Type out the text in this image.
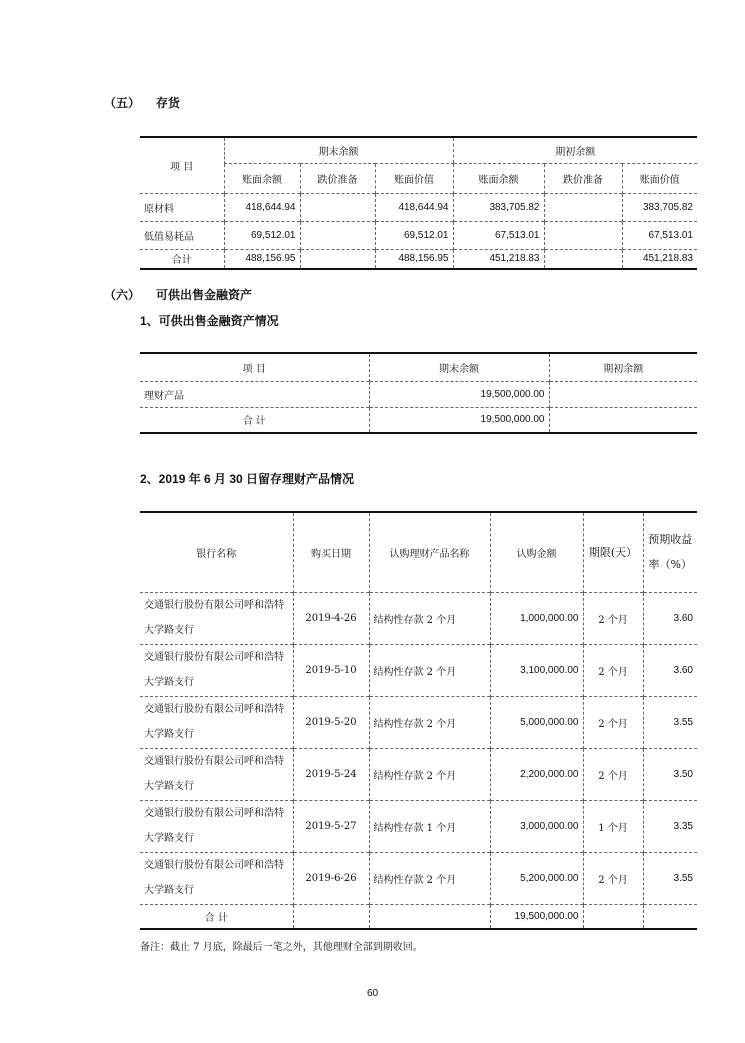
（五） 存货
项 目	期末余额			期初余额		
	账面余额	跌价准备	账面价值	账面余额	跌价准备	账面价值
原材料	418,644.94		418,644.94	383,705.82		383,705.82
低值易耗品	69,512.01		69,512.01	67,513.01		67,513.01
合计	488,156.95		488,156.95	451,218.83		451,218.83
（六） 可供出售金融资产
1、可供出售金融资产情况
项 目	期末余额	期初余额
理财产品	19,500,000.00	
合 计	19,500,000.00	
2、2019 年 6 月 30 日留存理财产品情况
银行名称	购买日期	认购理财产品名称	认购金额	期限(天）	预期收益率（%）
交通银行股份有限公司呼和浩特大学路支行	2019-4-26	结构性存款 2 个月	1,000,000.00	2 个月	3.60
交通银行股份有限公司呼和浩特大学路支行	2019-5-10	结构性存款 2 个月	3,100,000.00	2 个月	3.60
交通银行股份有限公司呼和浩特大学路支行	2019-5-20	结构性存款 2 个月	5,000,000.00	2 个月	3.55
交通银行股份有限公司呼和浩特大学路支行	2019-5-24	结构性存款 2 个月	2,200,000.00	2 个月	3.50
交通银行股份有限公司呼和浩特大学路支行	2019-5-27	结构性存款 1 个月	3,000,000.00	1 个月	3.35
交通银行股份有限公司呼和浩特大学路支行	2019-6-26	结构性存款 2 个月	5,200,000.00	2 个月	3.55
合 计			19,500,000.00		
备注：截止 7 月底，除最后一笔之外，其他理财全部到期收回。
60
